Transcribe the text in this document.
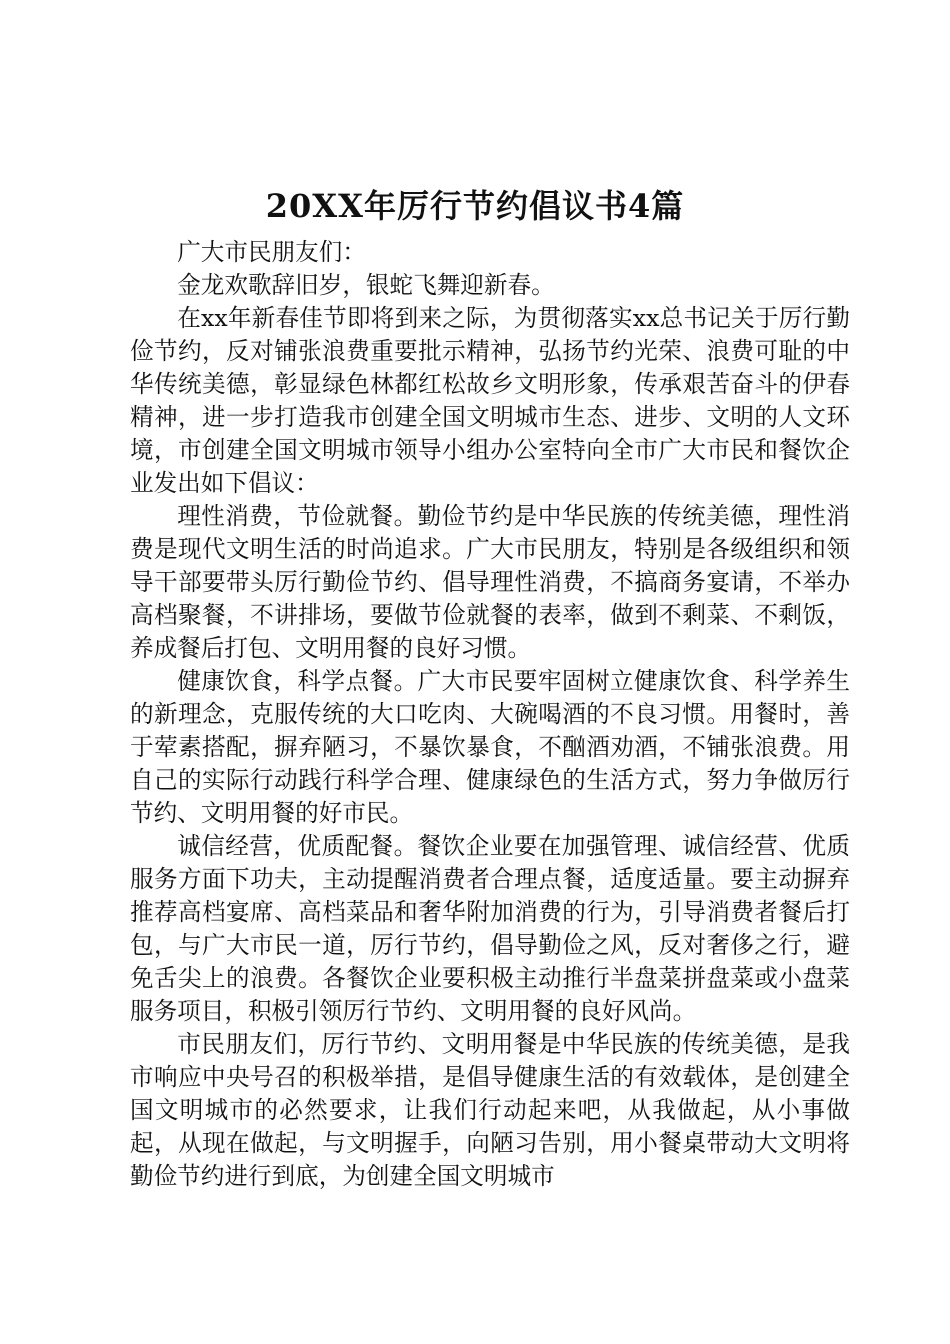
20XX年厉行节约倡议书4篇

广大市民朋友们：

金龙欢歌辞旧岁，银蛇飞舞迎新春。

在xx年新春佳节即将到来之际，为贯彻落实xx总书记关于厉行勤俭节约，反对铺张浪费重要批示精神，弘扬节约光荣、浪费可耻的中华传统美德，彰显绿色林都红松故乡文明形象，传承艰苦奋斗的伊春精神，进一步打造我市创建全国文明城市生态、进步、文明的人文环境，市创建全国文明城市领导小组办公室特向全市广大市民和餐饮企业发出如下倡议：

理性消费，节俭就餐。勤俭节约是中华民族的传统美德，理性消费是现代文明生活的时尚追求。广大市民朋友，特别是各级组织和领导干部要带头厉行勤俭节约、倡导理性消费，不搞商务宴请，不举办高档聚餐，不讲排场，要做节俭就餐的表率，做到不剩菜、不剩饭，养成餐后打包、文明用餐的良好习惯。

健康饮食，科学点餐。广大市民要牢固树立健康饮食、科学养生的新理念，克服传统的大口吃肉、大碗喝酒的不良习惯。用餐时，善于荤素搭配，摒弃陋习，不暴饮暴食，不酗酒劝酒，不铺张浪费。用自己的实际行动践行科学合理、健康绿色的生活方式，努力争做厉行节约、文明用餐的好市民。

诚信经营，优质配餐。餐饮企业要在加强管理、诚信经营、优质服务方面下功夫，主动提醒消费者合理点餐，适度适量。要主动摒弃推荐高档宴席、高档菜品和奢华附加消费的行为，引导消费者餐后打包，与广大市民一道，厉行节约，倡导勤俭之风，反对奢侈之行，避免舌尖上的浪费。各餐饮企业要积极主动推行半盘菜拼盘菜或小盘菜服务项目，积极引领厉行节约、文明用餐的良好风尚。

市民朋友们，厉行节约、文明用餐是中华民族的传统美德，是我市响应中央号召的积极举措，是倡导健康生活的有效载体，是创建全国文明城市的必然要求，让我们行动起来吧，从我做起，从小事做起，从现在做起，与文明握手，向陋习告别，用小餐桌带动大文明将勤俭节约进行到底，为创建全国文明城市
